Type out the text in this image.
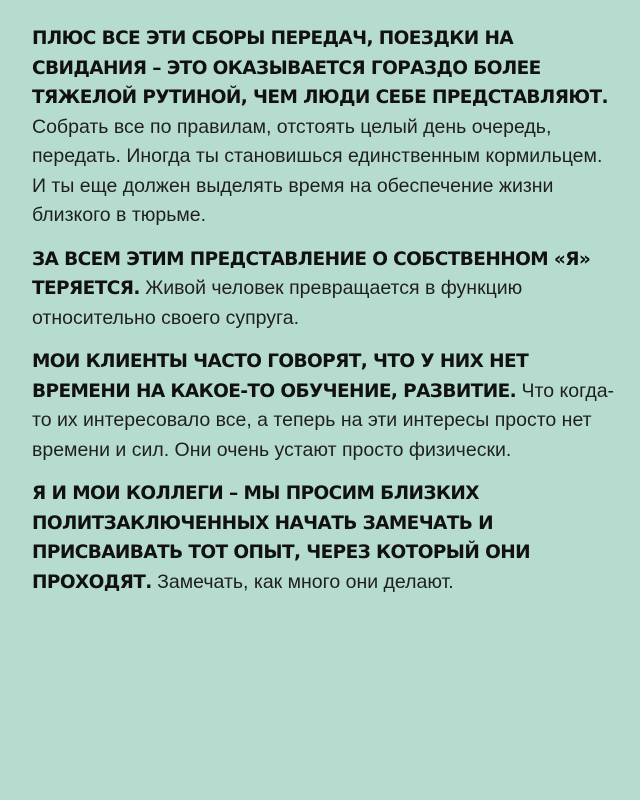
ПЛЮС ВСЕ ЭТИ СБОРЫ ПЕРЕДАЧ, ПОЕЗДКИ НА СВИДАНИЯ – ЭТО ОКАЗЫВАЕТСЯ ГОРАЗДО БОЛЕЕ ТЯЖЕЛОЙ РУТИНОЙ, ЧЕМ ЛЮДИ СЕБЕ ПРЕДСТАВЛЯЮТ. Собрать все по правилам, отстоять целый день очередь, передать. Иногда ты становишься единственным кормильцем. И ты еще должен выделять время на обеспечение жизни близкого в тюрьме.

ЗА ВСЕМ ЭТИМ ПРЕДСТАВЛЕНИЕ О СОБСТВЕННОМ «Я» ТЕРЯЕТСЯ. Живой человек превращается в функцию относительно своего супруга.

МОИ КЛИЕНТЫ ЧАСТО ГОВОРЯТ, ЧТО У НИХ НЕТ ВРЕМЕНИ НА КАКОЕ-ТО ОБУЧЕНИЕ, РАЗВИТИЕ. Что когда-то их интересовало все, а теперь на эти интересы просто нет времени и сил. Они очень устают просто физически.

Я И МОИ КОЛЛЕГИ – МЫ ПРОСИМ БЛИЗКИХ ПОЛИТЗАКЛЮЧЕННЫХ НАЧАТЬ ЗАМЕЧАТЬ И ПРИСВАИВАТЬ ТОТ ОПЫТ, ЧЕРЕЗ КОТОРЫЙ ОНИ ПРОХОДЯТ. Замечать, как много они делают.
